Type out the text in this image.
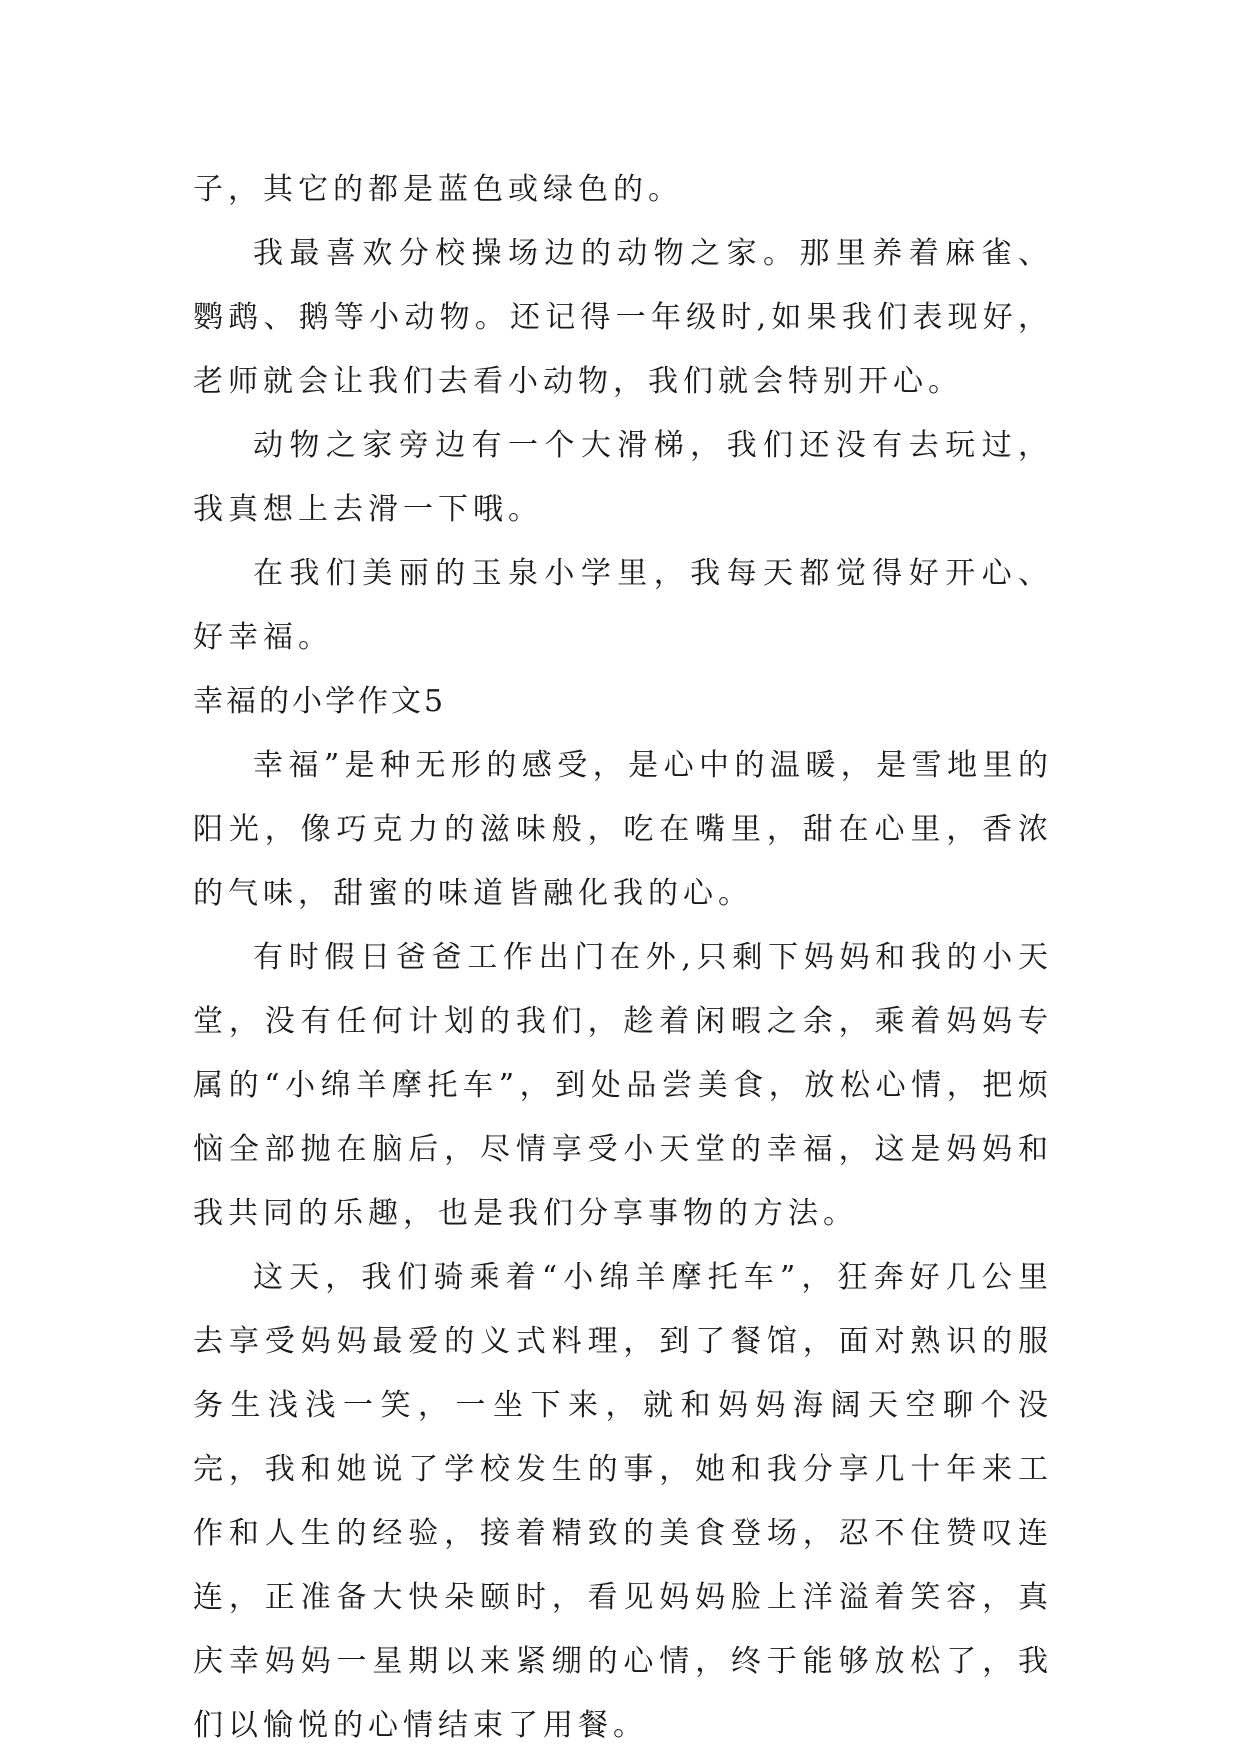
子，其它的都是蓝色或绿色的。

我最喜欢分校操场边的动物之家。那里养着麻雀、鹦鹉、鹅等小动物。还记得一年级时,如果我们表现好，老师就会让我们去看小动物，我们就会特别开心。

动物之家旁边有一个大滑梯，我们还没有去玩过，我真想上去滑一下哦。

在我们美丽的玉泉小学里，我每天都觉得好开心、好幸福。

幸福的小学作文5

幸福”是种无形的感受，是心中的温暖，是雪地里的阳光，像巧克力的滋味般，吃在嘴里，甜在心里，香浓的气味，甜蜜的味道皆融化我的心。

有时假日爸爸工作出门在外,只剩下妈妈和我的小天堂，没有任何计划的我们，趁着闲暇之余，乘着妈妈专属的“小绵羊摩托车”，到处品尝美食，放松心情，把烦恼全部抛在脑后，尽情享受小天堂的幸福，这是妈妈和我共同的乐趣，也是我们分享事物的方法。

这天，我们骑乘着“小绵羊摩托车”，狂奔好几公里去享受妈妈最爱的义式料理，到了餐馆，面对熟识的服务生浅浅一笑，一坐下来，就和妈妈海阔天空聊个没完，我和她说了学校发生的事，她和我分享几十年来工作和人生的经验，接着精致的美食登场，忍不住赞叹连连，正准备大快朵颐时，看见妈妈脸上洋溢着笑容，真庆幸妈妈一星期以来紧绷的心情，终于能够放松了，我们以愉悦的心情结束了用餐。
